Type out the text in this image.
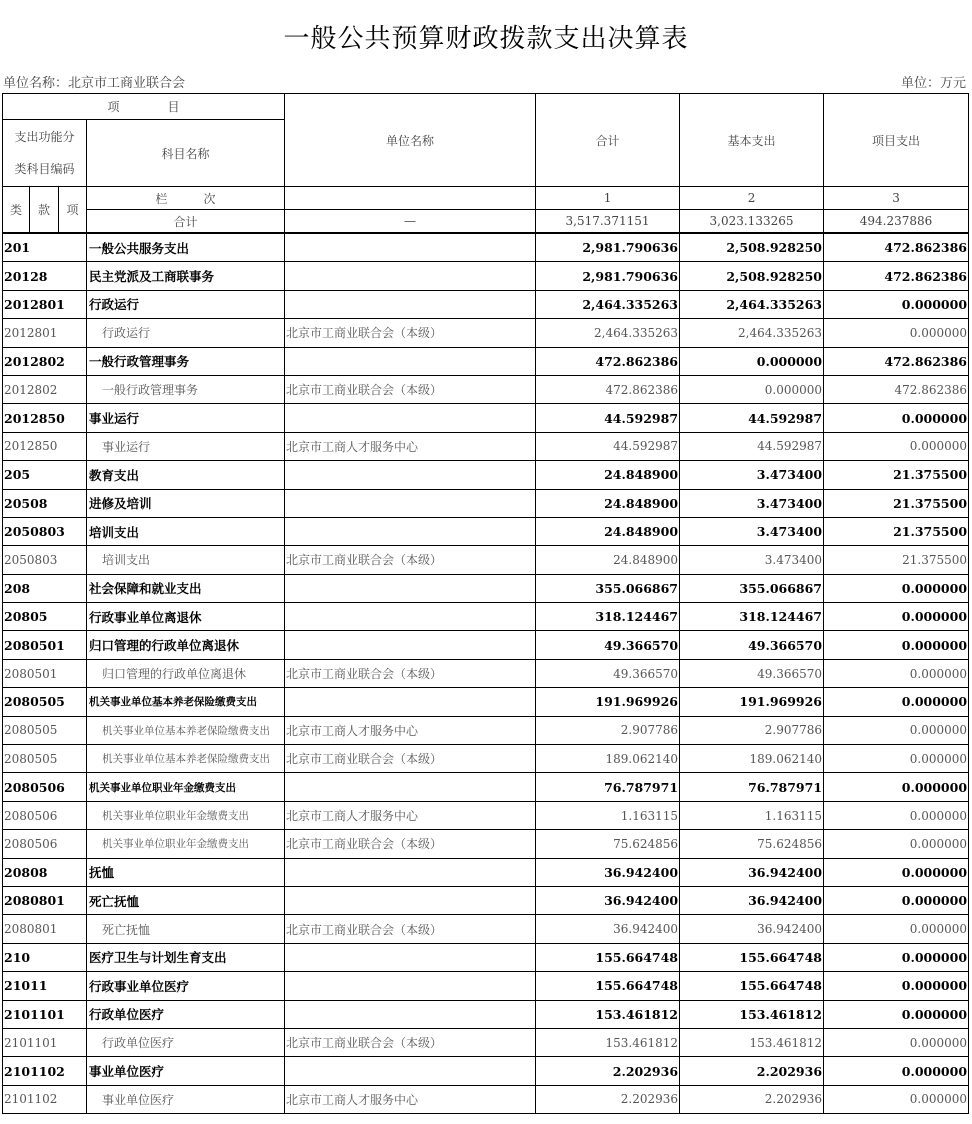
一般公共预算财政拨款支出决算表
单位名称：北京市工商业联合会	单位：万元
项　　　　目				单位名称	合计	基本支出	项目支出

支出功能分
类科目编码			科目名称				
类	款	项	栏　　　次		1	2	3
			合计	—	3,517.371151	3,023.133265	494.237886
201			一般公共服务支出		2,981.790636	2,508.928250	472.862386
20128			民主党派及工商联事务		2,981.790636	2,508.928250	472.862386
2012801			行政运行		2,464.335263	2,464.335263	0.000000
2012801			行政运行	北京市工商业联合会（本级）	2,464.335263	2,464.335263	0.000000
2012802			一般行政管理事务		472.862386	0.000000	472.862386
2012802			一般行政管理事务	北京市工商业联合会（本级）	472.862386	0.000000	472.862386
2012850			事业运行		44.592987	44.592987	0.000000
2012850			事业运行	北京市工商人才服务中心	44.592987	44.592987	0.000000
205			教育支出		24.848900	3.473400	21.375500
20508			进修及培训		24.848900	3.473400	21.375500
2050803			培训支出		24.848900	3.473400	21.375500
2050803			培训支出	北京市工商业联合会（本级）	24.848900	3.473400	21.375500
208			社会保障和就业支出		355.066867	355.066867	0.000000
20805			行政事业单位离退休		318.124467	318.124467	0.000000
2080501			归口管理的行政单位离退休		49.366570	49.366570	0.000000
2080501			归口管理的行政单位离退休	北京市工商业联合会（本级）	49.366570	49.366570	0.000000
2080505			机关事业单位基本养老保险缴费支出		191.969926	191.969926	0.000000
2080505			机关事业单位基本养老保险缴费支出	北京市工商人才服务中心	2.907786	2.907786	0.000000
2080505			机关事业单位基本养老保险缴费支出	北京市工商业联合会（本级）	189.062140	189.062140	0.000000
2080506			机关事业单位职业年金缴费支出		76.787971	76.787971	0.000000
2080506			机关事业单位职业年金缴费支出	北京市工商人才服务中心	1.163115	1.163115	0.000000
2080506			机关事业单位职业年金缴费支出	北京市工商业联合会（本级）	75.624856	75.624856	0.000000
20808			抚恤		36.942400	36.942400	0.000000
2080801			死亡抚恤		36.942400	36.942400	0.000000
2080801			死亡抚恤	北京市工商业联合会（本级）	36.942400	36.942400	0.000000
210			医疗卫生与计划生育支出		155.664748	155.664748	0.000000
21011			行政事业单位医疗		155.664748	155.664748	0.000000
2101101			行政单位医疗		153.461812	153.461812	0.000000
2101101			行政单位医疗	北京市工商业联合会（本级）	153.461812	153.461812	0.000000
2101102			事业单位医疗		2.202936	2.202936	0.000000
2101102			事业单位医疗	北京市工商人才服务中心	2.202936	2.202936	0.000000
